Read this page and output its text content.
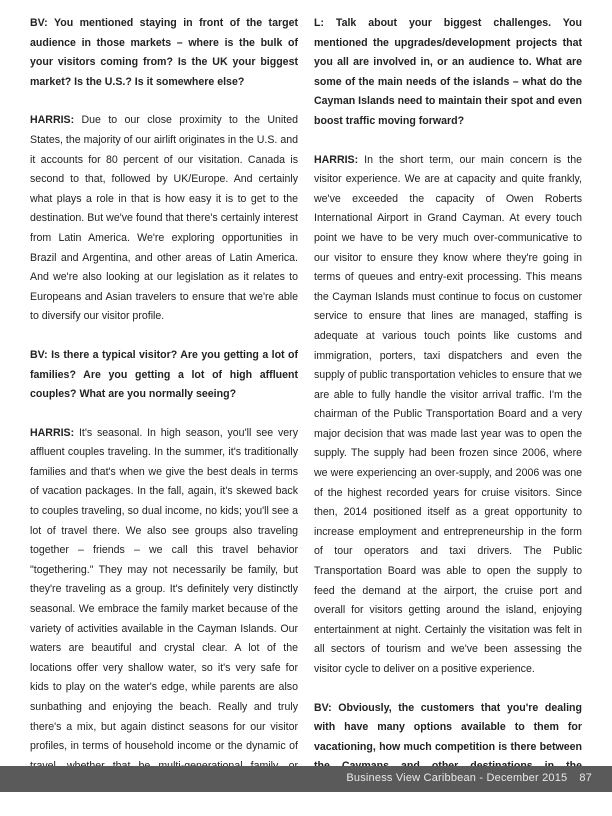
BV: You mentioned staying in front of the target audience in those markets – where is the bulk of your visitors coming from? Is the UK your biggest market? Is the U.S.? Is it somewhere else?

HARRIS: Due to our close proximity to the United States, the majority of our airlift originates in the U.S. and it accounts for 80 percent of our visitation. Canada is second to that, followed by UK/Europe. And certainly what plays a role in that is how easy it is to get to the destination. But we've found that there's certainly interest from Latin America. We're exploring opportunities in Brazil and Argentina, and other areas of Latin America. And we're also looking at our legislation as it relates to Europeans and Asian travelers to ensure that we're able to diversify our visitor profile.

BV: Is there a typical visitor? Are you getting a lot of families? Are you getting a lot of high affluent couples? What are you normally seeing?

HARRIS: It's seasonal. In high season, you'll see very affluent couples traveling. In the summer, it's traditionally families and that's when we give the best deals in terms of vacation packages. In the fall, again, it's skewed back to couples traveling, so dual income, no kids; you'll see a lot of travel there. We also see groups also traveling together – friends – we call this travel behavior "togethering." They may not necessarily be family, but they're traveling as a group. It's definitely very distinctly seasonal. We embrace the family market because of the variety of activities available in the Cayman Islands. Our waters are beautiful and crystal clear. A lot of the locations offer very shallow water, so it's very safe for kids to play on the water's edge, while parents are also sunbathing and enjoying the beach. Really and truly there's a mix, but again distinct seasons for our visitor profiles, in terms of household income or the dynamic of

L: Talk about your biggest challenges. You mentioned the upgrades/development projects that you all are involved in, or an audience to. What are some of the main needs of the islands – what do the Cayman Islands need to maintain their spot and even boost traffic moving forward?

HARRIS: In the short term, our main concern is the visitor experience. We are at capacity and quite frankly, we've exceeded the capacity of Owen Roberts International Airport in Grand Cayman. At every touch point we have to be very much over-communicative to our visitor to ensure they know where they're going in terms of queues and entry-exit processing. This means the Cayman Islands must continue to focus on customer service to ensure that lines are managed, staffing is adequate at various touch points like customs and immigration, porters, taxi dispatchers and even the supply of public transportation vehicles to ensure that we are able to fully handle the visitor arrival traffic. I'm the chairman of the Public Transportation Board and a very major decision that was made last year was to open the supply. The supply had been frozen since 2006, where we were experiencing an over-supply, and 2006 was one of the highest recorded years for cruise visitors. Since then, 2014 positioned itself as a great opportunity to increase employment and entrepreneurship in the form of tour operators and taxi drivers. The Public Transportation Board was able to open the supply to feed the demand at the airport, the cruise port and overall for visitors getting around the island, enjoying entertainment at night. Certainly the visitation was felt in all sectors of tourism and we've been assessing the visitor cycle to deliver on a positive experience.

BV: Obviously, the customers that you're dealing with have many options available to them for vacationing, how much competition is there between

Business View Caribbean - December 2015 87
